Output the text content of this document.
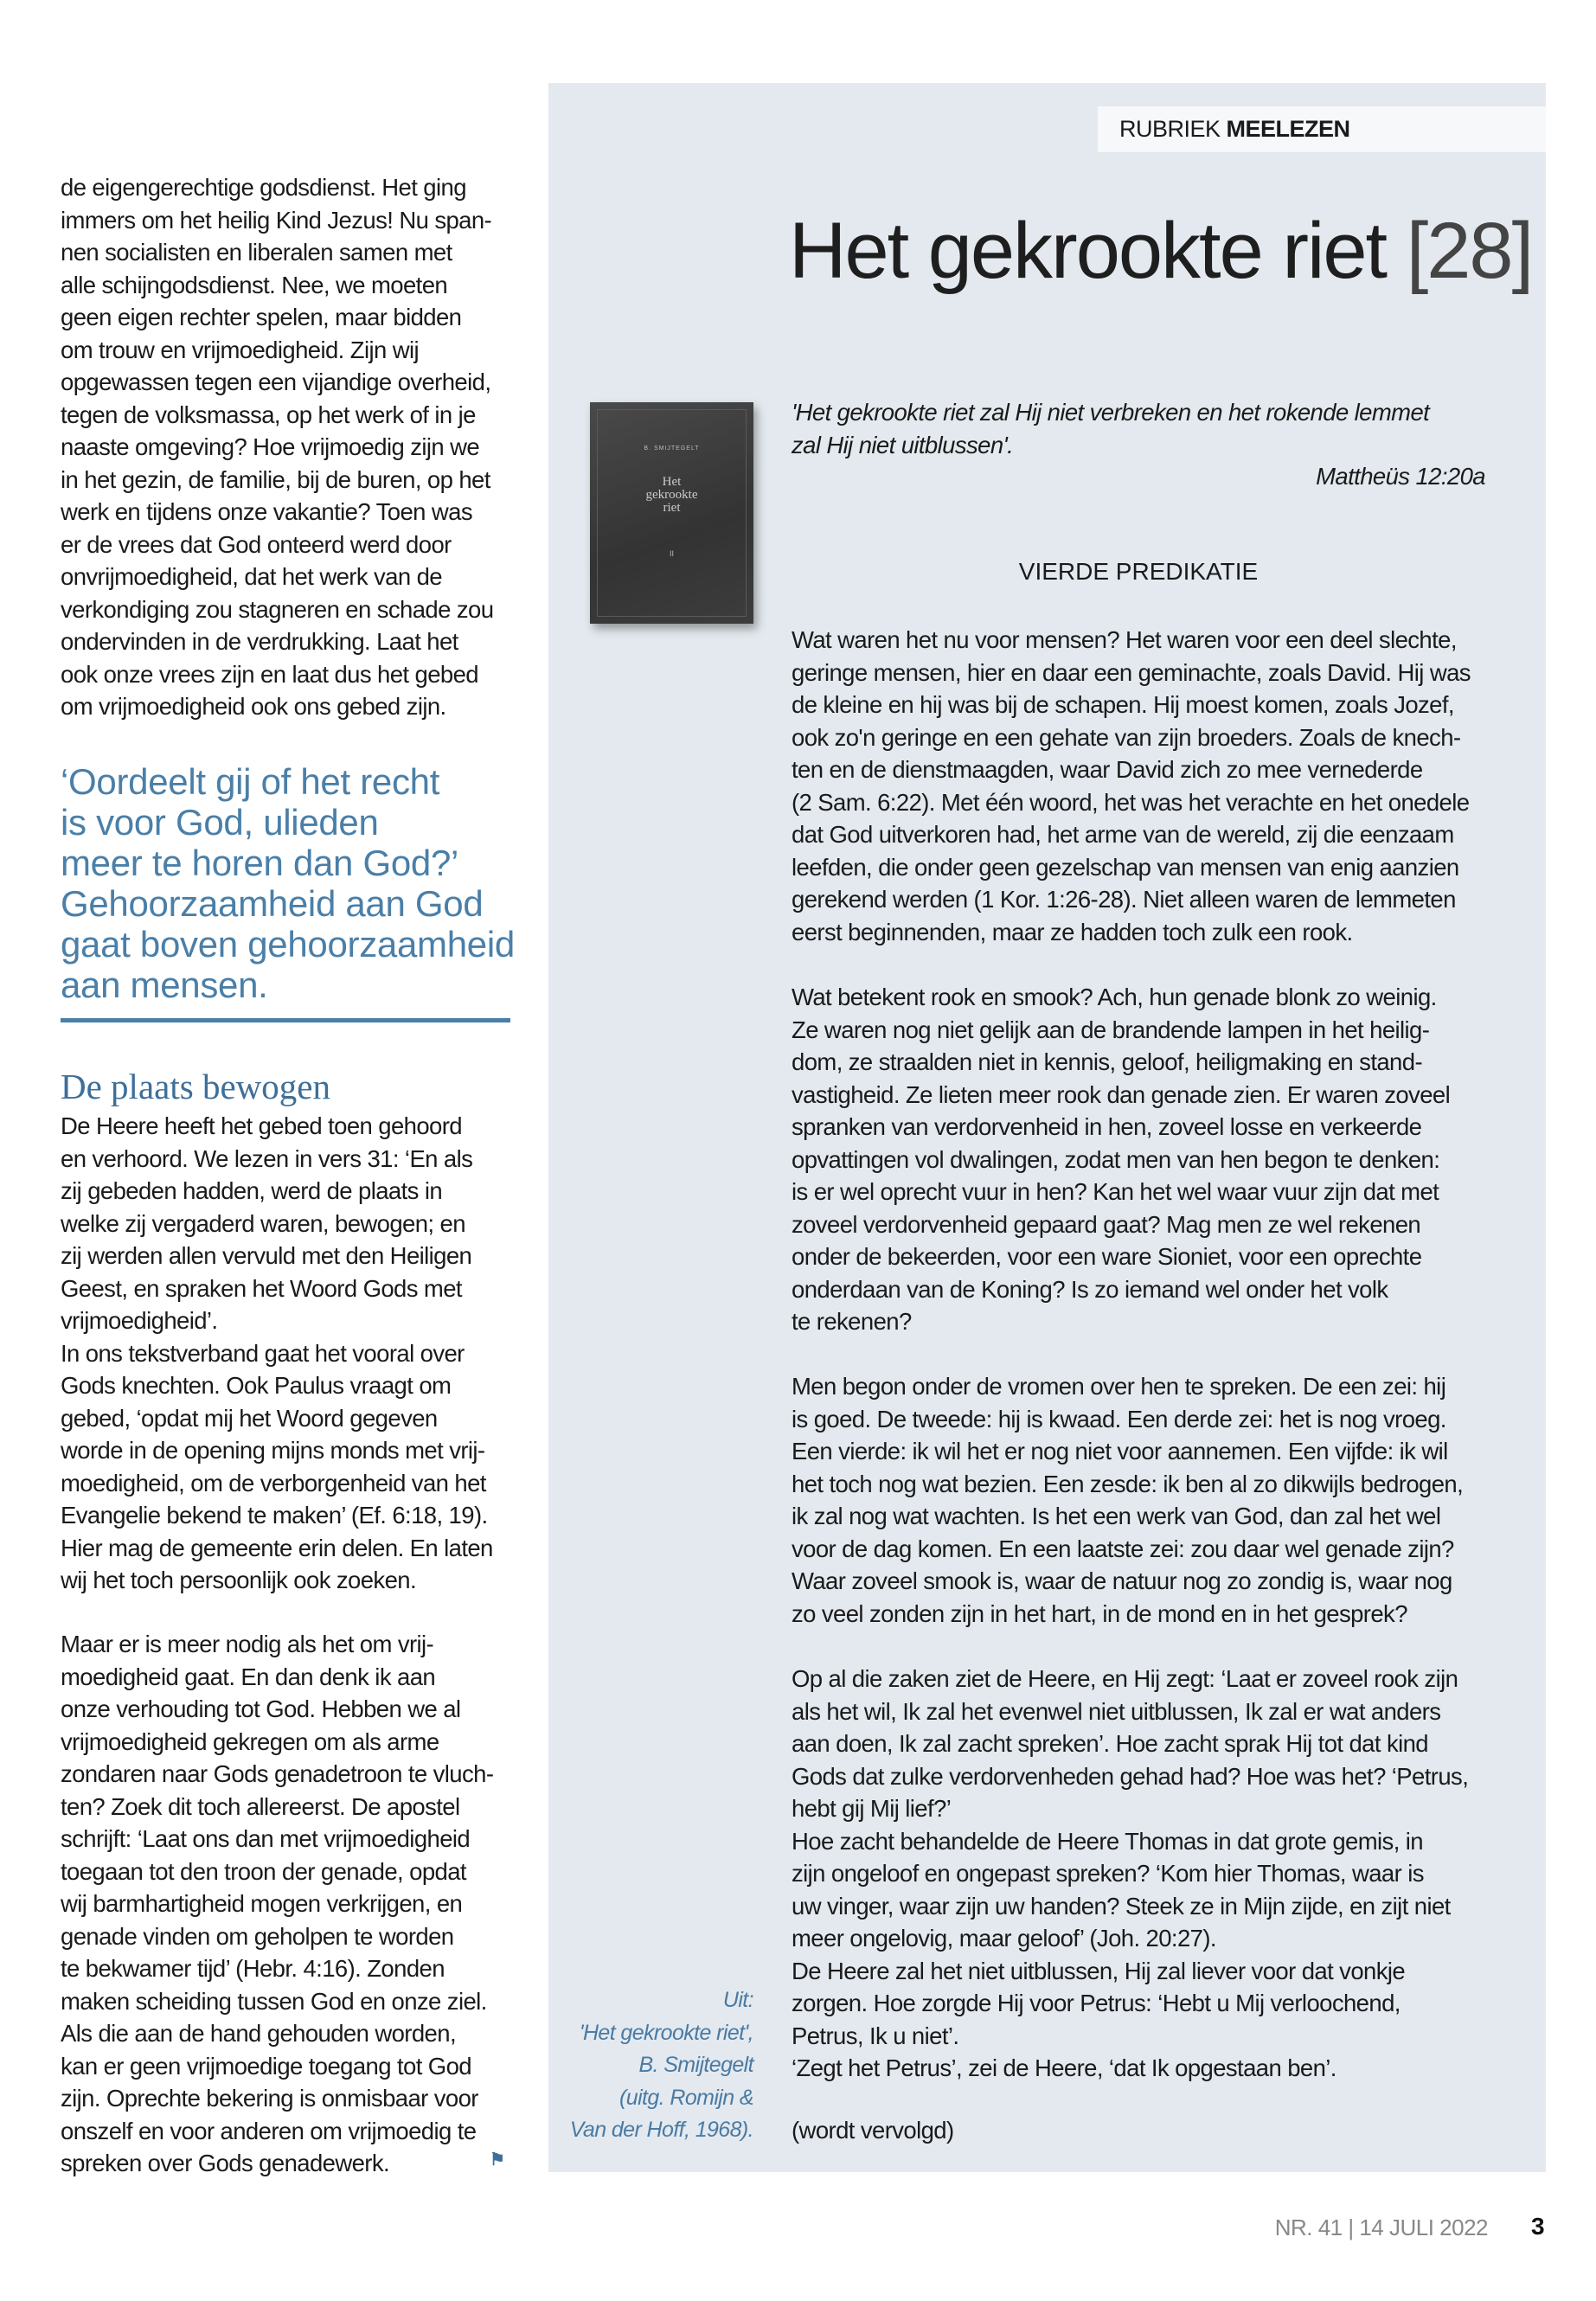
RUBRIEK MEELEZEN
Het gekrookte riet [28]
B. SMIJTEGELT
Het
gekrookte
riet
II
'Het gekrookte riet zal Hij niet verbreken en het rokende lemmet
zal Hij niet uitblussen'.
Mattheüs 12:20a
VIERDE PREDIKATIE
Wat waren het nu voor mensen? Het waren voor een deel slechte,
geringe mensen, hier en daar een geminachte, zoals David. Hij was
de kleine en hij was bij de schapen. Hij moest komen, zoals Jozef,
ook zo'n geringe en een gehate van zijn broeders. Zoals de knech-
ten en de dienstmaagden, waar David zich zo mee vernederde
(2 Sam. 6:22). Met één woord, het was het verachte en het onedele
dat God uitverkoren had, het arme van de wereld, zij die eenzaam
leefden, die onder geen gezelschap van mensen van enig aanzien
gerekend werden (1 Kor. 1:26-28). Niet alleen waren de lemmeten
eerst beginnenden, maar ze hadden toch zulk een rook.
Wat betekent rook en smook? Ach, hun genade blonk zo weinig.
Ze waren nog niet gelijk aan de brandende lampen in het heilig-
dom, ze straalden niet in kennis, geloof, heiligmaking en stand-
vastigheid. Ze lieten meer rook dan genade zien. Er waren zoveel
spranken van verdorvenheid in hen, zoveel losse en verkeerde
opvattingen vol dwalingen, zodat men van hen begon te denken:
is er wel oprecht vuur in hen? Kan het wel waar vuur zijn dat met
zoveel verdorvenheid gepaard gaat? Mag men ze wel rekenen
onder de bekeerden, voor een ware Sioniet, voor een oprechte
onderdaan van de Koning? Is zo iemand wel onder het volk
te rekenen?
Men begon onder de vromen over hen te spreken. De een zei: hij
is goed. De tweede: hij is kwaad. Een derde zei: het is nog vroeg.
Een vierde: ik wil het er nog niet voor aannemen. Een vijfde: ik wil
het toch nog wat bezien. Een zesde: ik ben al zo dikwijls bedrogen,
ik zal nog wat wachten. Is het een werk van God, dan zal het wel
voor de dag komen. En een laatste zei: zou daar wel genade zijn?
Waar zoveel smook is, waar de natuur nog zo zondig is, waar nog
zo veel zonden zijn in het hart, in de mond en in het gesprek?
Op al die zaken ziet de Heere, en Hij zegt: ‘Laat er zoveel rook zijn
als het wil, Ik zal het evenwel niet uitblussen, Ik zal er wat anders
aan doen, Ik zal zacht spreken’. Hoe zacht sprak Hij tot dat kind
Gods dat zulke verdorvenheden gehad had? Hoe was het? ‘Petrus,
hebt gij Mij lief?’
Hoe zacht behandelde de Heere Thomas in dat grote gemis, in
zijn ongeloof en ongepast spreken? ‘Kom hier Thomas, waar is
uw vinger, waar zijn uw handen? Steek ze in Mijn zijde, en zijt niet
meer ongelovig, maar geloof’ (Joh. 20:27).
De Heere zal het niet uitblussen, Hij zal liever voor dat vonkje
zorgen. Hoe zorgde Hij voor Petrus: ‘Hebt u Mij verloochend,
Petrus, Ik u niet’.
‘Zegt het Petrus’, zei de Heere, ‘dat Ik opgestaan ben’.
(wordt vervolgd)
Uit:
'Het gekrookte riet',
B. Smijtegelt
(uitg. Romijn &
Van der Hoff, 1968).
de eigengerechtige godsdienst. Het ging
immers om het heilig Kind Jezus! Nu span-
nen socialisten en liberalen samen met
alle schijngodsdienst. Nee, we moeten
geen eigen rechter spelen, maar bidden
om trouw en vrijmoedigheid. Zijn wij
opgewassen tegen een vijandige overheid,
tegen de volksmassa, op het werk of in je
naaste omgeving? Hoe vrijmoedig zijn we
in het gezin, de familie, bij de buren, op het
werk en tijdens onze vakantie? Toen was
er de vrees dat God onteerd werd door
onvrijmoedigheid, dat het werk van de
verkondiging zou stagneren en schade zou
ondervinden in de verdrukking. Laat het
ook onze vrees zijn en laat dus het gebed
om vrijmoedigheid ook ons gebed zijn.
‘Oordeelt gij of het recht
is voor God, ulieden
meer te horen dan God?’
Gehoorzaamheid aan God
gaat boven gehoorzaamheid
aan mensen.
De plaats bewogen
De Heere heeft het gebed toen gehoord
en verhoord. We lezen in vers 31: ‘En als
zij gebeden hadden, werd de plaats in
welke zij vergaderd waren, bewogen; en
zij werden allen vervuld met den Heiligen
Geest, en spraken het Woord Gods met
vrijmoedigheid’.
In ons tekstverband gaat het vooral over
Gods knechten. Ook Paulus vraagt om
gebed, ‘opdat mij het Woord gegeven
worde in de opening mijns monds met vrij-
moedigheid, om de verborgenheid van het
Evangelie bekend te maken’ (Ef. 6:18, 19).
Hier mag de gemeente erin delen. En laten
wij het toch persoonlijk ook zoeken.
Maar er is meer nodig als het om vrij-
moedigheid gaat. En dan denk ik aan
onze verhouding tot God. Hebben we al
vrijmoedigheid gekregen om als arme
zondaren naar Gods genadetroon te vluch-
ten? Zoek dit toch allereerst. De apostel
schrijft: ‘Laat ons dan met vrijmoedigheid
toegaan tot den troon der genade, opdat
wij barmhartigheid mogen verkrijgen, en
genade vinden om geholpen te worden
te bekwamer tijd’ (Hebr. 4:16). Zonden
maken scheiding tussen God en onze ziel.
Als die aan de hand gehouden worden,
kan er geen vrijmoedige toegang tot God
zijn. Oprechte bekering is onmisbaar voor
onszelf en voor anderen om vrijmoedig te
spreken over Gods genadewerk.	⚑
NR. 41 | 14 JULI 2022 3
